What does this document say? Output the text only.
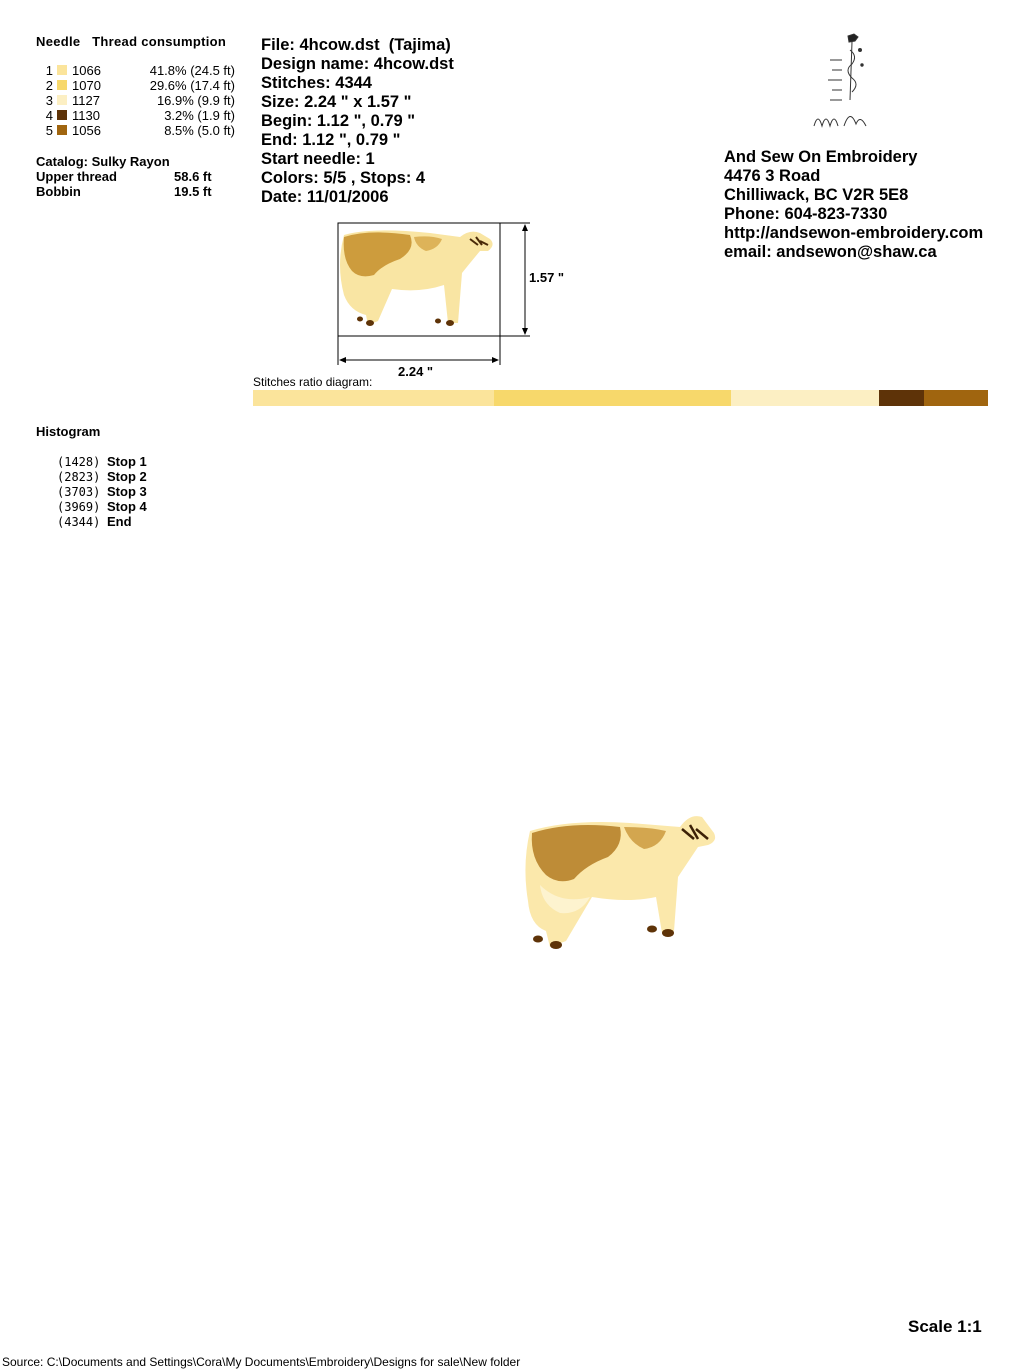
Needle   Thread consumption
1 1066	41.8% (24.5 ft)
2 1070	29.6% (17.4 ft)
3 1127	16.9% (9.9 ft)
4 1130	3.2% (1.9 ft)
5 1056	8.5% (5.0 ft)
Catalog: Sulky Rayon
Upper thread	58.6 ft
Bobbin	19.5 ft
Histogram
(1428) Stop 1
(2823) Stop 2
(3703) Stop 3
(3969) Stop 4
(4344) End
File: 4hcow.dst  (Tajima)
Design name: 4hcow.dst
Stitches: 4344
Size: 2.24 " x 1.57 "
Begin: 1.12 ", 0.79 "
End: 1.12 ", 0.79 "
Start needle: 1
Colors: 5/5 , Stops: 4
Date: 11/01/2006
And Sew On Embroidery
4476 3 Road
Chilliwack, BC V2R 5E8
Phone: 604-823-7330
http://andsewon-embroidery.com
email: andsewon@shaw.ca
1.57 "
2.24 "
Stitches ratio diagram:
Scale 1:1
Source: C:\Documents and Settings\Cora\My Documents\Embroidery\Designs for sale\New folder
